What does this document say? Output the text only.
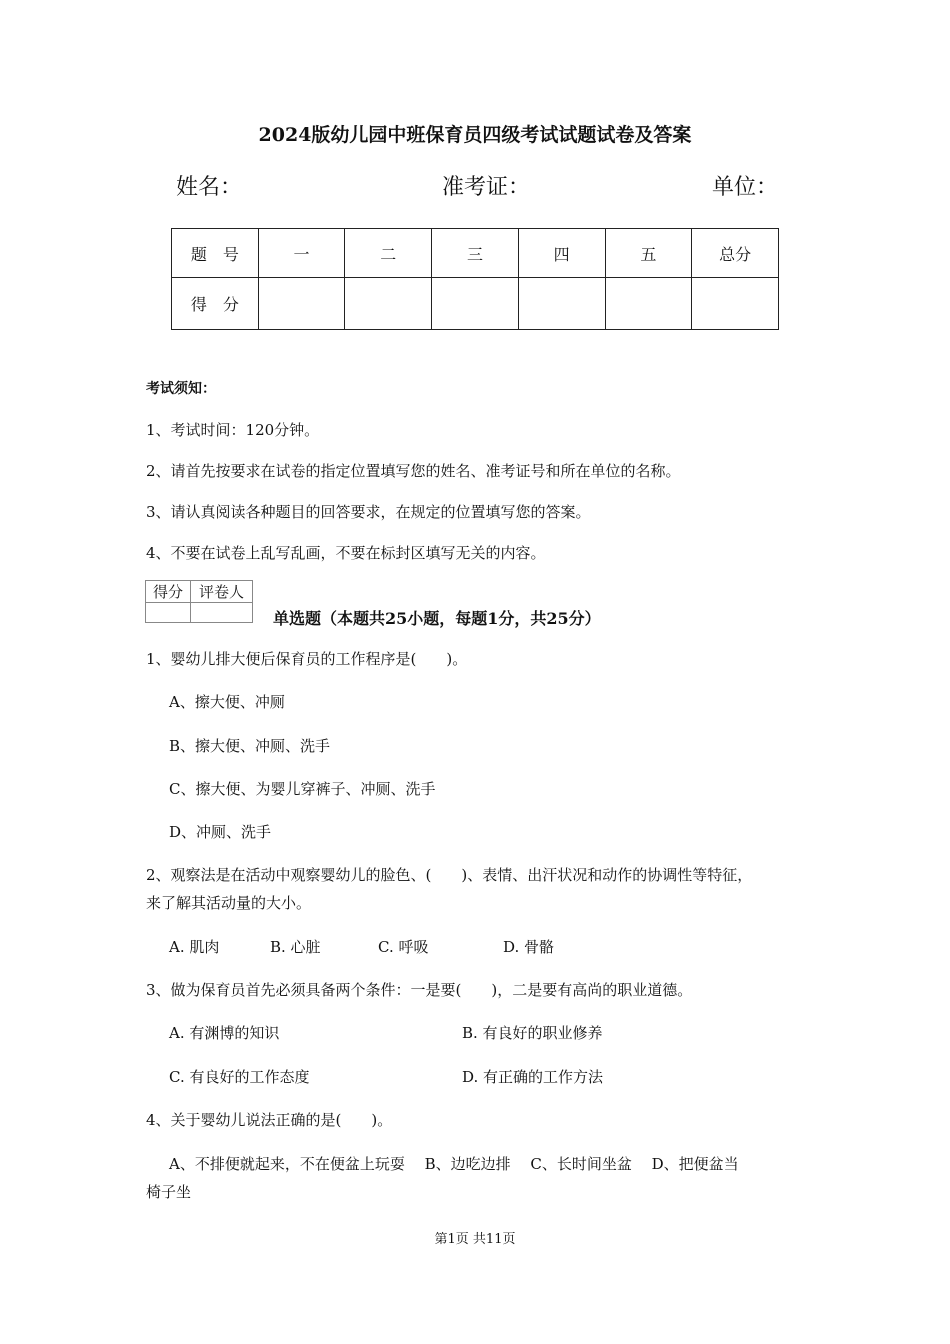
2024版幼儿园中班保育员四级考试试题试卷及答案
姓名：	准考证：	单位：
题　号	一	二	三	四	五	总分
得　分						
考试须知：
1、考试时间：120分钟。
2、请首先按要求在试卷的指定位置填写您的姓名、准考证号和所在单位的名称。
3、请认真阅读各种题目的回答要求，在规定的位置填写您的答案。
4、不要在试卷上乱写乱画，不要在标封区填写无关的内容。
得分	评卷人

单选题（本题共25小题，每题1分，共25分）
1、婴幼儿排大便后保育员的工作程序是(　　)。
A、擦大便、冲厕
B、擦大便、冲厕、洗手
C、擦大便、为婴儿穿裤子、冲厕、洗手
D、冲厕、洗手
2、观察法是在活动中观察婴幼儿的脸色、(　　)、表情、出汗状况和动作的协调性等特征，
来了解其活动量的大小。
A. 肌肉	B. 心脏	C. 呼吸	D. 骨骼
3、做为保育员首先必须具备两个条件：一是要(　　)，二是要有高尚的职业道德。
A. 有渊博的知识	B. 有良好的职业修养
C. 有良好的工作态度	D. 有正确的工作方法
4、关于婴幼儿说法正确的是(　　)。
A、不排便就起来，不在便盆上玩耍　 B、边吃边排　 C、长时间坐盆　 D、把便盆当
椅子坐
第1页 共11页
